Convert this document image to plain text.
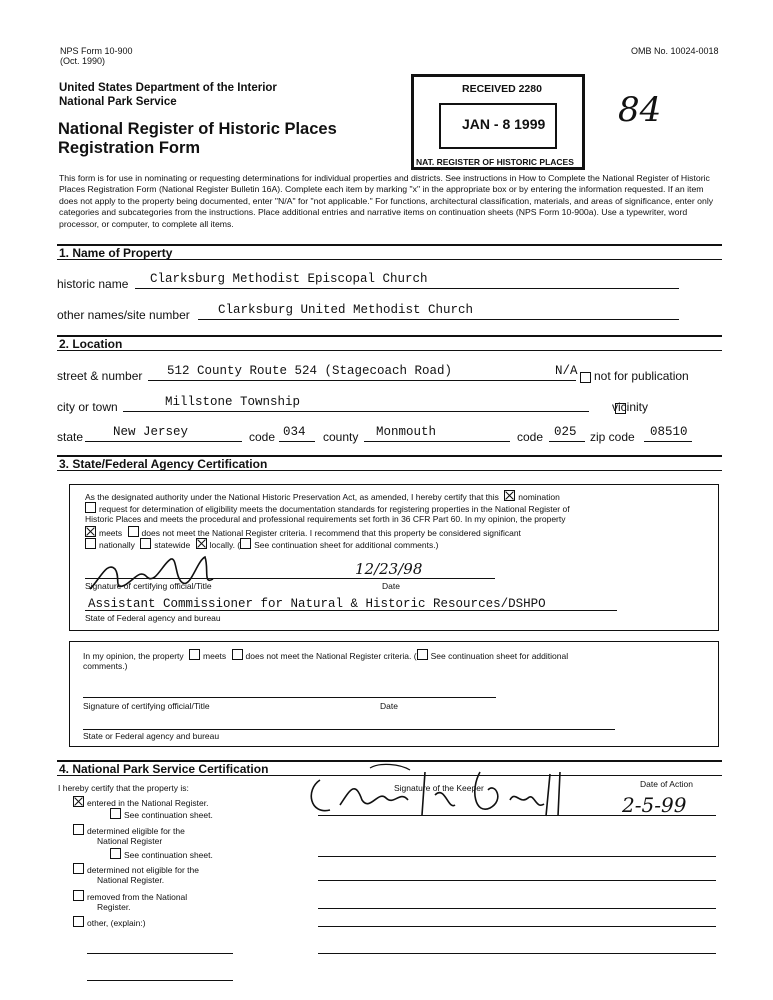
NPS Form 10-900
(Oct. 1990)
OMB No. 10024-0018
United States Department of the Interior
National Park Service
National Register of Historic Places
Registration Form
RECEIVED 2280
JAN - 8 1999
NAT. REGISTER OF HISTORIC PLACES
84
This form is for use in nominating or requesting determinations for individual properties and districts. See instructions in How to Complete the National Register of Historic Places Registration Form (National Register Bulletin 16A). Complete each item by marking "x" in the appropriate box or by entering the information requested. If an item does not apply to the property being documented, enter "N/A" for "not applicable." For functions, architectural classification, materials, and areas of significance, enter only categories and subcategories from the instructions. Place additional entries and narrative items on continuation sheets (NPS Form 10-900a). Use a typewriter, word processor, or computer, to complete all items.
1. Name of Property
historic name Clarksburg Methodist Episcopal Church
other names/site number Clarksburg United Methodist Church
2. Location
street & number 512 County Route 524 (Stagecoach Road)	N/A
not for publication
city or town	Millstone Township	vicinity
state New Jersey	code 034 county Monmouth	code 025 zip code 08510
3. State/Federal Agency Certification
As the designated authority under the National Historic Preservation Act, as amended, I hereby certify that this nomination
request for determination of eligibility meets the documentation standards for registering properties in the National Register of
Historic Places and meets the procedural and professional requirements set forth in 36 CFR Part 60. In my opinion, the property
meets does not meet the National Register criteria. I recommend that this property be considered significant
nationally statewide locally. ( See continuation sheet for additional comments.)
12/23/98
Signature of certifying official/Title	Date
Assistant Commissioner for Natural & Historic Resources/DSHPO
State of Federal agency and bureau
In my opinion, the property meets does not meet the National Register criteria. ( See continuation sheet for additional
comments.)
Signature of certifying official/Title	Date
State or Federal agency and bureau
4. National Park Service Certification
I hereby certify that the property is:	Signature of the Keeper	Date of Action
2-5-99
entered in the National Register.
See continuation sheet.
determined eligible for the
National Register
See continuation sheet.
determined not eligible for the
National Register.
removed from the National
Register.
other, (explain:)
